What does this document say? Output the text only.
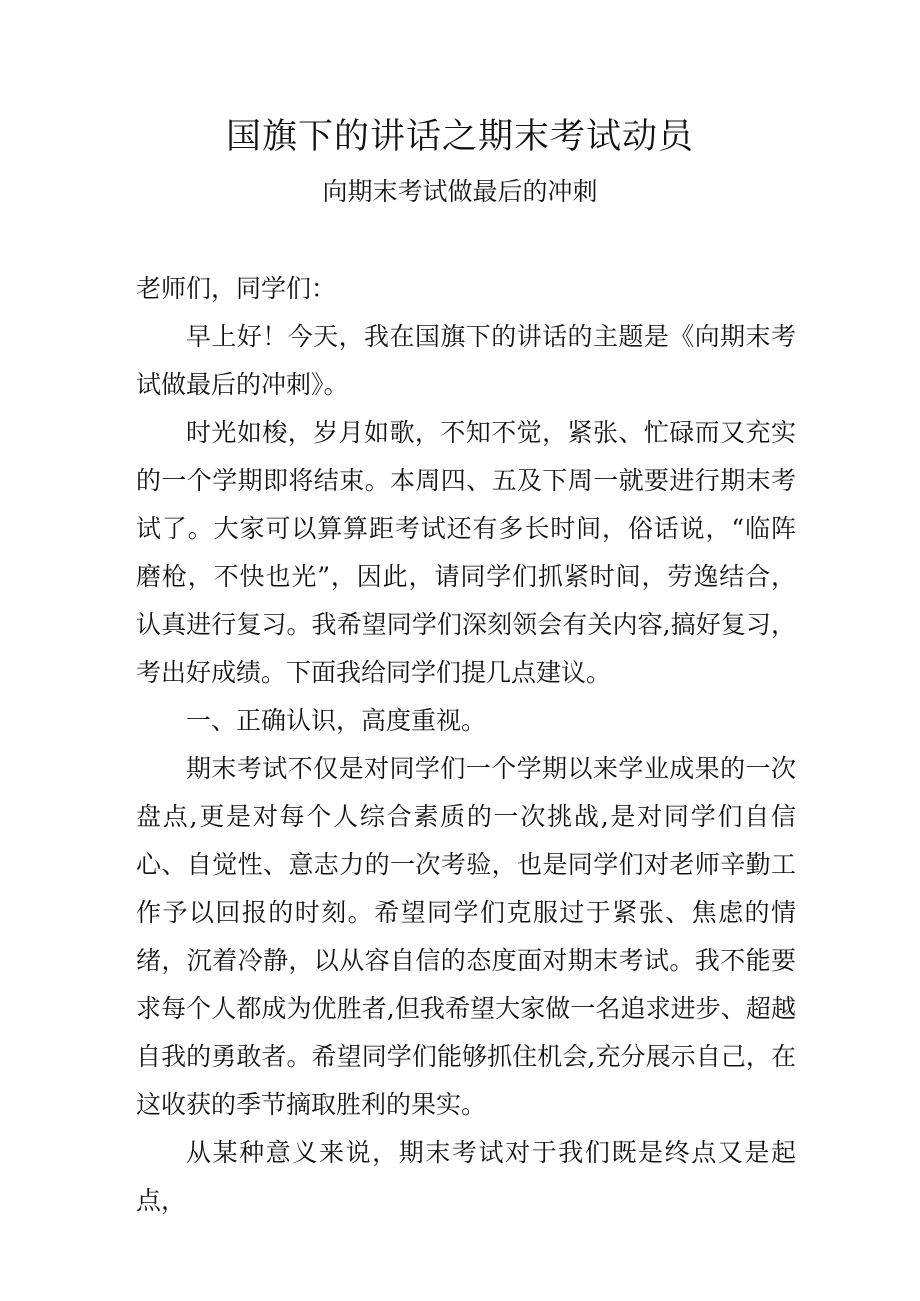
国旗下的讲话之期末考试动员
向期末考试做最后的冲刺

老师们，同学们：

早上好！今天，我在国旗下的讲话的主题是《向期末考试做最后的冲刺》。

时光如梭，岁月如歌，不知不觉，紧张、忙碌而又充实的一个学期即将结束。本周四、五及下周一就要进行期末考试了。大家可以算算距考试还有多长时间，俗话说，“临阵磨枪，不快也光”，因此，请同学们抓紧时间，劳逸结合，认真进行复习。我希望同学们深刻领会有关内容,搞好复习，考出好成绩。下面我给同学们提几点建议。

一、正确认识，高度重视。

期末考试不仅是对同学们一个学期以来学业成果的一次盘点,更是对每个人综合素质的一次挑战,是对同学们自信心、自觉性、意志力的一次考验，也是同学们对老师辛勤工作予以回报的时刻。希望同学们克服过于紧张、焦虑的情绪，沉着冷静，以从容自信的态度面对期末考试。我不能要求每个人都成为优胜者,但我希望大家做一名追求进步、超越自我的勇敢者。希望同学们能够抓住机会,充分展示自己，在这收获的季节摘取胜利的果实。

从某种意义来说，期末考试对于我们既是终点又是起点，
